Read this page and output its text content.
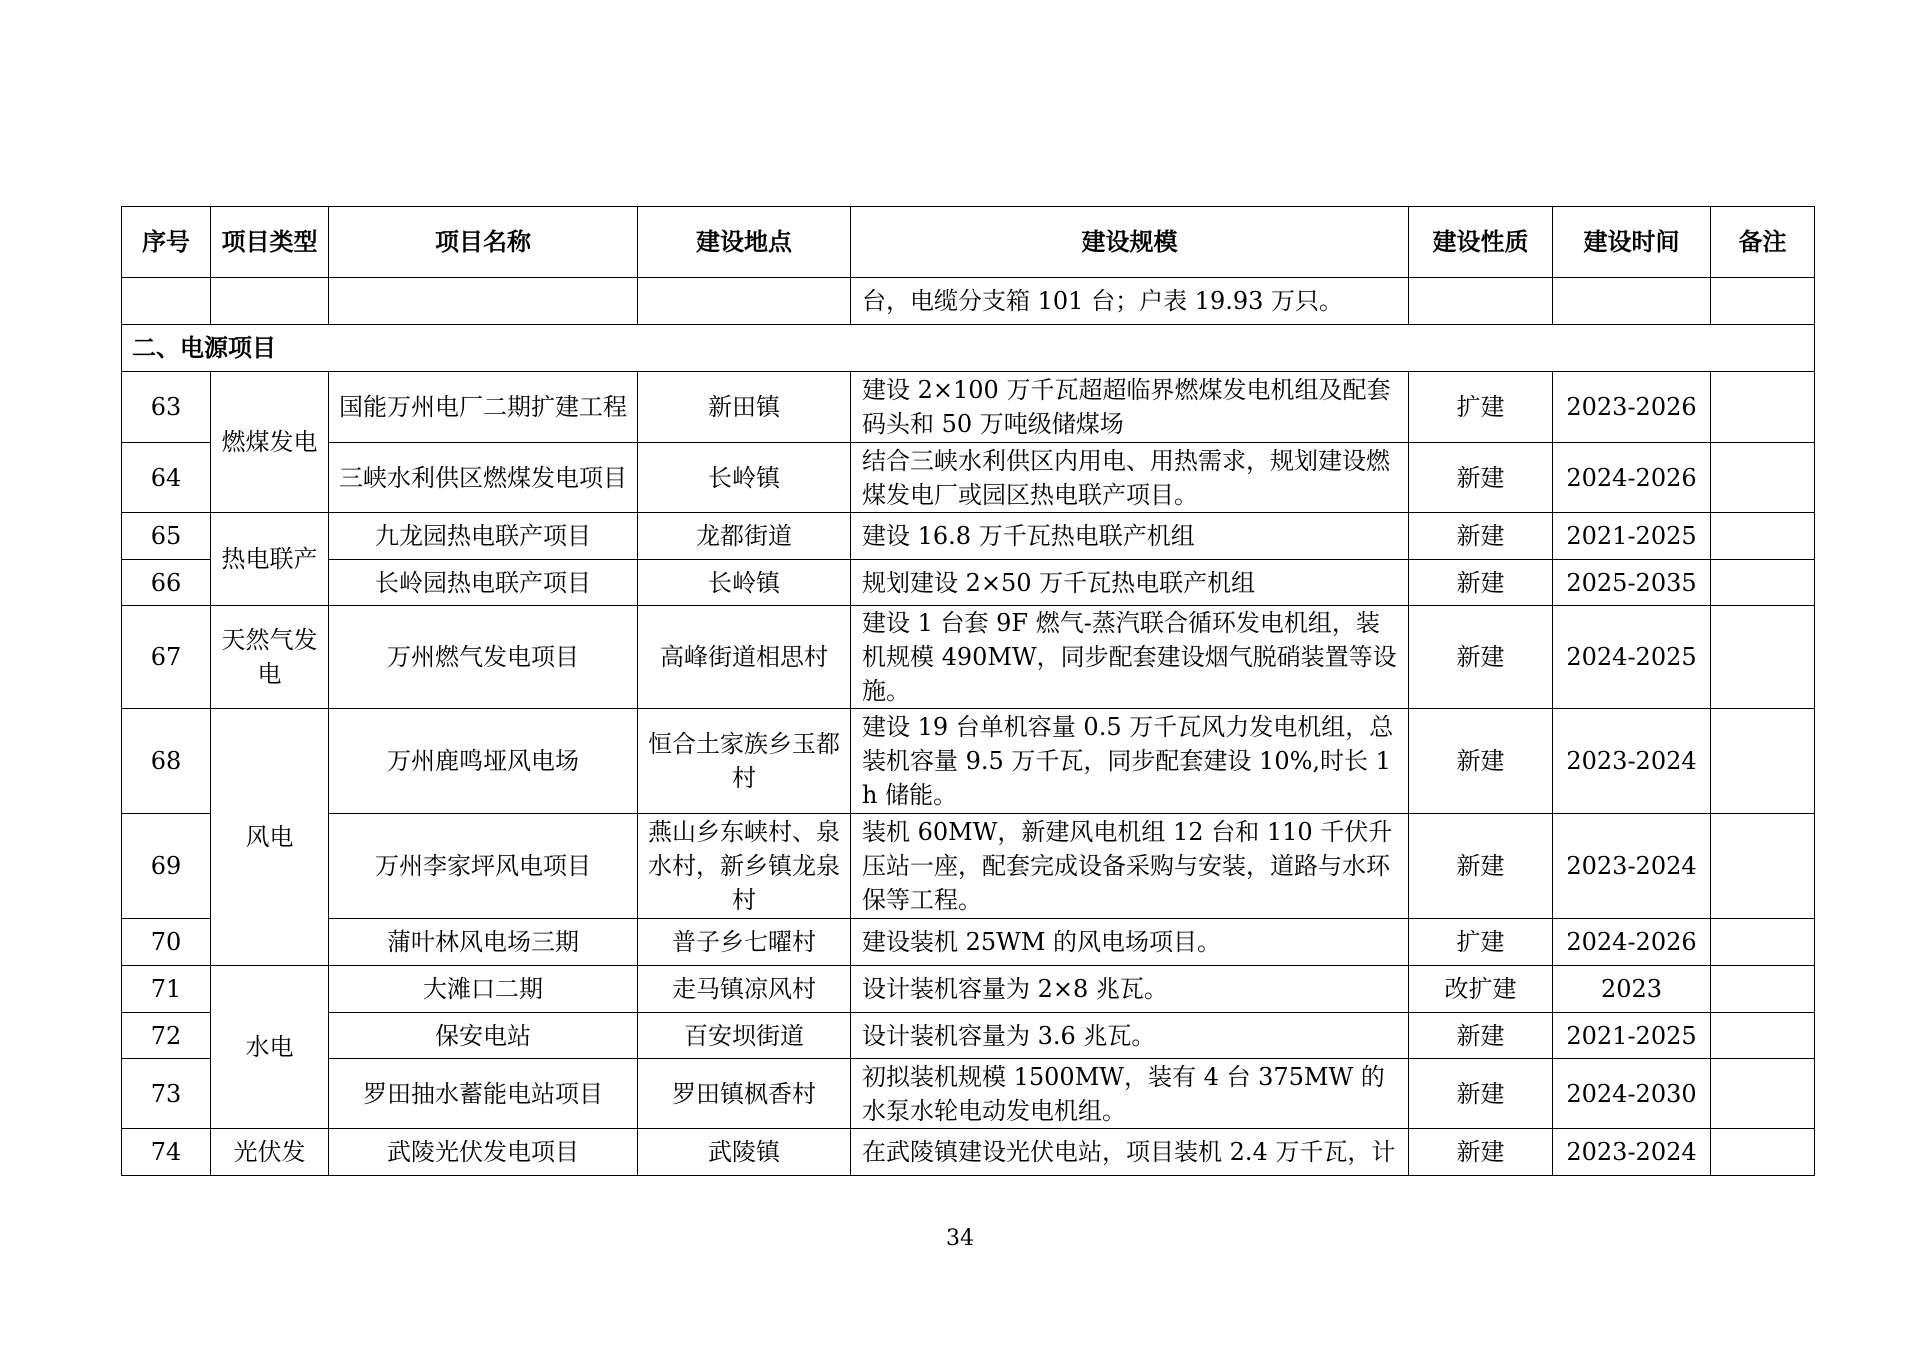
序号	项目类型	项目名称	建设地点	建设规模	建设性质	建设时间	备注
				台，电缆分支箱 101 台；户表 19.93 万只。			
二、电源项目							
63	燃煤发电	国能万州电厂二期扩建工程	新田镇	建设 2×100 万千瓦超超临界燃煤发电机组及配套码头和 50 万吨级储煤场	扩建	2023-2026	
64		三峡水利供区燃煤发电项目	长岭镇	结合三峡水利供区内用电、用热需求，规划建设燃煤发电厂或园区热电联产项目。	新建	2024-2026	
65	热电联产	九龙园热电联产项目	龙都街道	建设 16.8 万千瓦热电联产机组	新建	2021-2025	
66		长岭园热电联产项目	长岭镇	规划建设 2×50 万千瓦热电联产机组	新建	2025-2035	
67	天然气发电	万州燃气发电项目	高峰街道相思村	建设 1 台套 9F 燃气-蒸汽联合循环发电机组，装机规模 490MW，同步配套建设烟气脱硝装置等设施。	新建	2024-2025	
68	风电	万州鹿鸣垭风电场	恒合土家族乡玉都村	建设 19 台单机容量 0.5 万千瓦风力发电机组，总装机容量 9.5 万千瓦，同步配套建设 10%,时长 1h 储能。	新建	2023-2024	
69		万州李家坪风电项目	燕山乡东峡村、泉水村，新乡镇龙泉村	装机 60MW，新建风电机组 12 台和 110 千伏升压站一座，配套完成设备采购与安装，道路与水环保等工程。	新建	2023-2024	
70		蒲叶林风电场三期	普子乡七曜村	建设装机 25WM 的风电场项目。	扩建	2024-2026	
71	水电	大滩口二期	走马镇凉风村	设计装机容量为 2×8 兆瓦。	改扩建	2023	
72		保安电站	百安坝街道	设计装机容量为 3.6 兆瓦。	新建	2021-2025	
73		罗田抽水蓄能电站项目	罗田镇枫香村	初拟装机规模 1500MW，装有 4 台 375MW 的水泵水轮电动发电机组。	新建	2024-2030	
74	光伏发	武陵光伏发电项目	武陵镇	在武陵镇建设光伏电站，项目装机 2.4 万千瓦，计	新建	2023-2024	
34
